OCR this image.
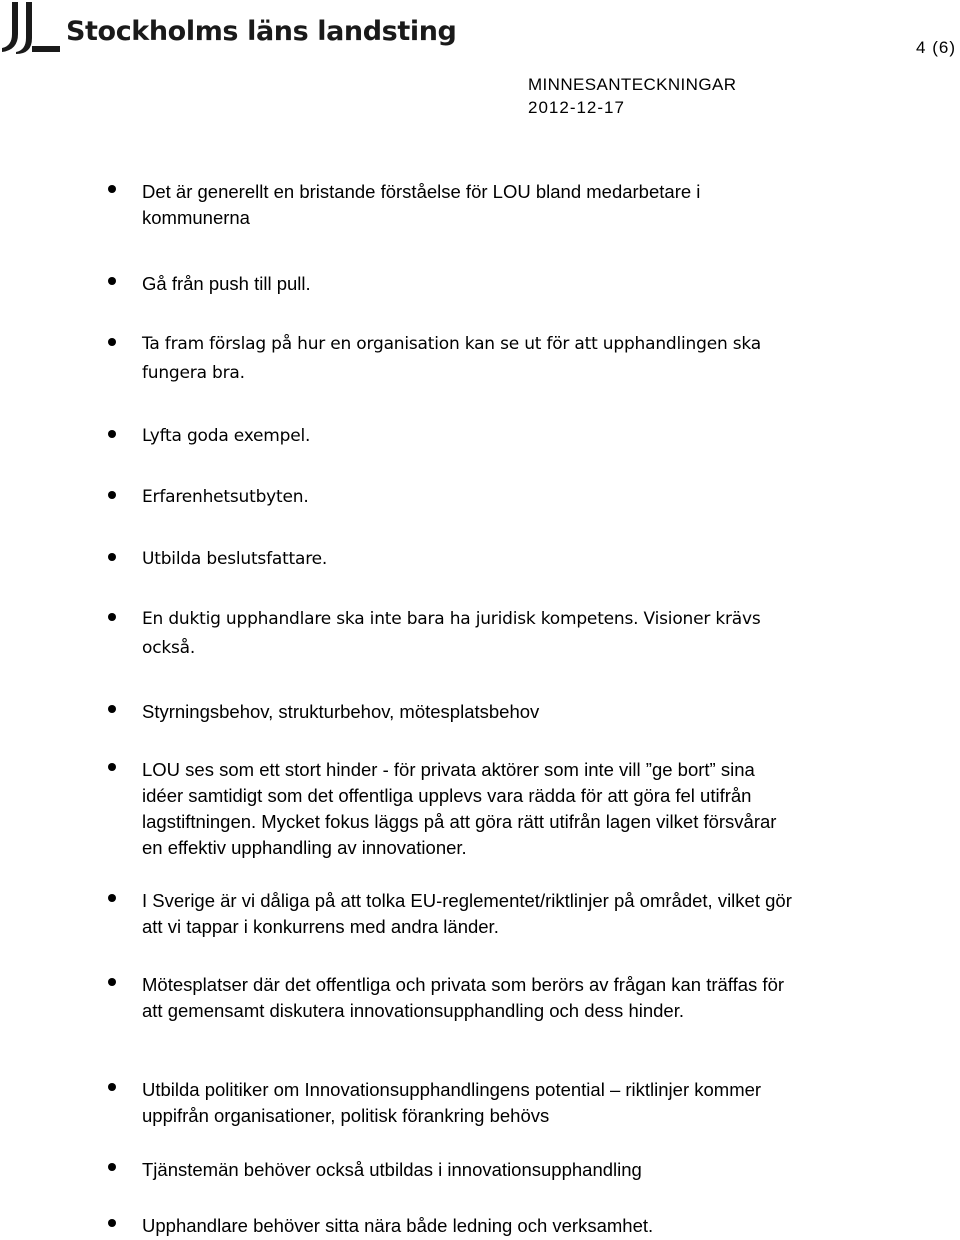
Stockholms läns landsting
4 (6)
MINNESANTECKNINGAR
2012-12-17
Det är generellt en bristande förståelse för LOU bland medarbetare i kommunerna
Gå från push till pull.
Ta fram förslag på hur en organisation kan se ut för att upphandlingen ska fungera bra.
Lyfta goda exempel.
Erfarenhetsutbyten.
Utbilda beslutsfattare.
En duktig upphandlare ska inte bara ha juridisk kompetens. Visioner krävs också.
Styrningsbehov, strukturbehov, mötesplatsbehov
LOU ses som ett stort hinder - för privata aktörer som inte vill ”ge bort” sina idéer samtidigt som det offentliga upplevs vara rädda för att göra fel utifrån lagstiftningen. Mycket fokus läggs på att göra rätt utifrån lagen vilket försvårar en effektiv upphandling av innovationer.
I Sverige är vi dåliga på att tolka EU-reglementet/riktlinjer på området, vilket gör att vi tappar i konkurrens med andra länder.
Mötesplatser där det offentliga och privata som berörs av frågan kan träffas för att gemensamt diskutera innovationsupphandling och dess hinder.
Utbilda politiker om Innovationsupphandlingens potential – riktlinjer kommer uppifrån organisationer, politisk förankring behövs
Tjänstemän behöver också utbildas i innovationsupphandling
Upphandlare behöver sitta nära både ledning och verksamhet.
